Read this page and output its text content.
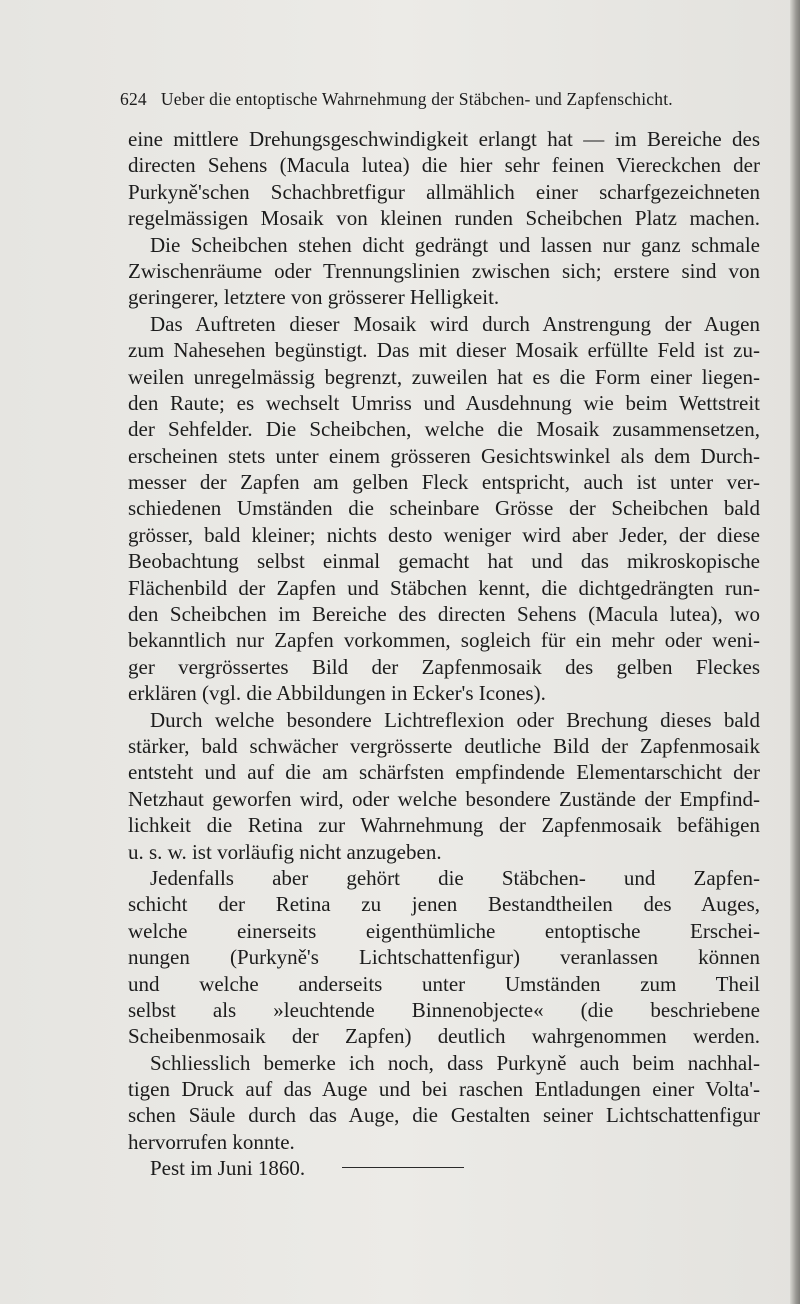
624 Ueber die entoptische Wahrnehmung der Stäbchen- und Zapfenschicht.
eine mittlere Drehungsgeschwindigkeit erlangt hat — im Bereiche des
directen Sehens (Macula lutea) die hier sehr feinen Viereckchen der
Purkyně'schen Schachbretfigur allmählich einer scharfgezeichneten
regelmässigen Mosaik von kleinen runden Scheibchen Platz machen.
Die Scheibchen stehen dicht gedrängt und lassen nur ganz schmale
Zwischenräume oder Trennungslinien zwischen sich; erstere sind von
geringerer, letztere von grösserer Helligkeit.
Das Auftreten dieser Mosaik wird durch Anstrengung der Augen
zum Nahesehen begünstigt. Das mit dieser Mosaik erfüllte Feld ist zu-
weilen unregelmässig begrenzt, zuweilen hat es die Form einer liegen-
den Raute; es wechselt Umriss und Ausdehnung wie beim Wettstreit
der Sehfelder. Die Scheibchen, welche die Mosaik zusammensetzen,
erscheinen stets unter einem grösseren Gesichtswinkel als dem Durch-
messer der Zapfen am gelben Fleck entspricht, auch ist unter ver-
schiedenen Umständen die scheinbare Grösse der Scheibchen bald
grösser, bald kleiner; nichts desto weniger wird aber Jeder, der diese
Beobachtung selbst einmal gemacht hat und das mikroskopische
Flächenbild der Zapfen und Stäbchen kennt, die dichtgedrängten run-
den Scheibchen im Bereiche des directen Sehens (Macula lutea), wo
bekanntlich nur Zapfen vorkommen, sogleich für ein mehr oder weni-
ger vergrössertes Bild der Zapfenmosaik des gelben Fleckes
erklären (vgl. die Abbildungen in Ecker's Icones).
Durch welche besondere Lichtreflexion oder Brechung dieses bald
stärker, bald schwächer vergrösserte deutliche Bild der Zapfenmosaik
entsteht und auf die am schärfsten empfindende Elementarschicht der
Netzhaut geworfen wird, oder welche besondere Zustände der Empfind-
lichkeit die Retina zur Wahrnehmung der Zapfenmosaik befähigen
u. s. w. ist vorläufig nicht anzugeben.
Jedenfalls aber gehört die Stäbchen- und Zapfen-
schicht der Retina zu jenen Bestandtheilen des Auges,
welche einerseits eigenthümliche entoptische Erschei-
nungen (Purkyně's Lichtschattenfigur) veranlassen können
und welche anderseits unter Umständen zum Theil
selbst als »leuchtende Binnenobjecte« (die beschriebene
Scheibenmosaik der Zapfen) deutlich wahrgenommen werden.
Schliesslich bemerke ich noch, dass Purkyně auch beim nachhal-
tigen Druck auf das Auge und bei raschen Entladungen einer Volta'-
schen Säule durch das Auge, die Gestalten seiner Lichtschattenfigur
hervorrufen konnte.
Pest im Juni 1860.
